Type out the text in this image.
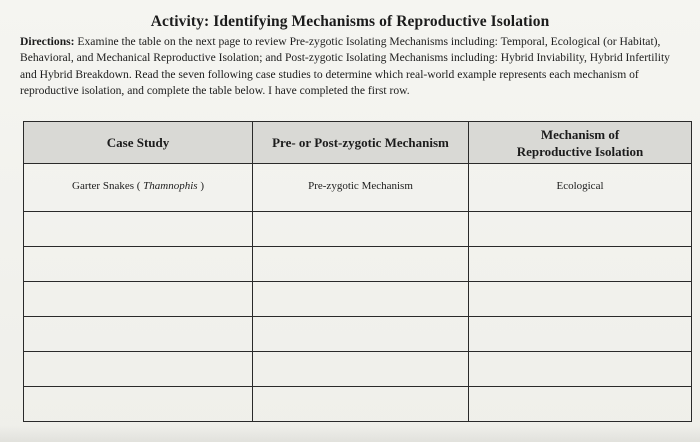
Activity: Identifying Mechanisms of Reproductive Isolation
Directions: Examine the table on the next page to review Pre-zygotic Isolating Mechanisms including: Temporal, Ecological (or Habitat), Behavioral, and Mechanical Reproductive Isolation; and Post-zygotic Isolating Mechanisms including: Hybrid Inviability, Hybrid Infertility and Hybrid Breakdown. Read the seven following case studies to determine which real-world example represents each mechanism of reproductive isolation, and complete the table below. I have completed the first row.
Case Study	Pre- or Post-zygotic Mechanism	Mechanism of
Reproductive Isolation
Garter Snakes ( Thamnophis )	Pre-zygotic Mechanism	Ecological
